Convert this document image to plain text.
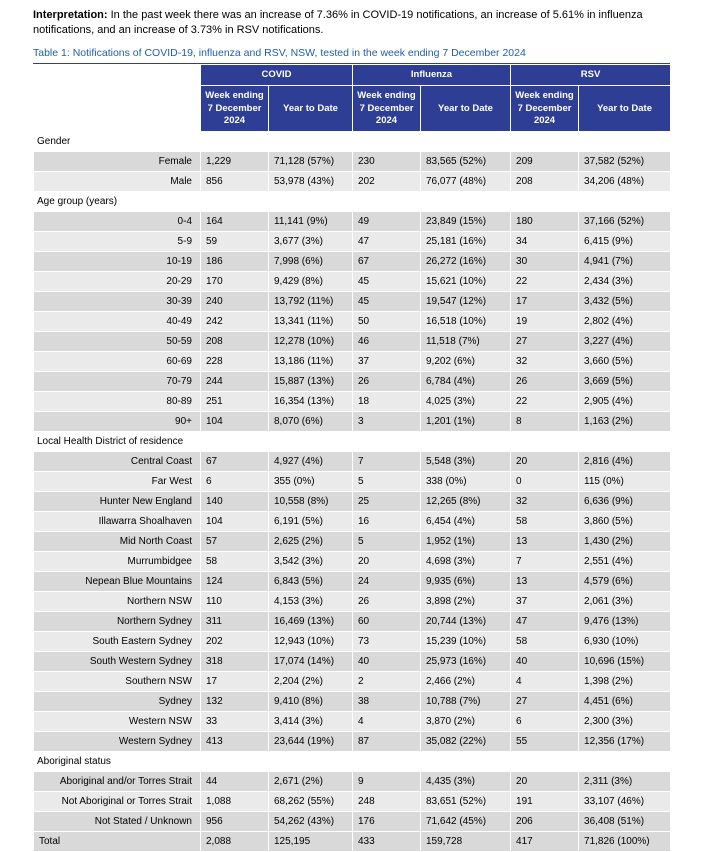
Interpretation: In the past week there was an increase of 7.36% in COVID-19 notifications, an increase of 5.61% in influenza notifications, and an increase of 3.73% in RSV notifications.

Table 1: Notifications of COVID-19, influenza and RSV, NSW, tested in the week ending 7 December 2024

	COVID		Influenza		RSV	
	Week ending 7 December 2024	Year to Date	Week ending 7 December 2024	Year to Date	Week ending 7 December 2024	Year to Date
Gender						
Female	1,229	71,128 (57%)	230	83,565 (52%)	209	37,582 (52%)
Male	856	53,978 (43%)	202	76,077 (48%)	208	34,206 (48%)
Age group (years)						
0-4	164	11,141 (9%)	49	23,849 (15%)	180	37,166 (52%)
5-9	59	3,677 (3%)	47	25,181 (16%)	34	6,415 (9%)
10-19	186	7,998 (6%)	67	26,272 (16%)	30	4,941 (7%)
20-29	170	9,429 (8%)	45	15,621 (10%)	22	2,434 (3%)
30-39	240	13,792 (11%)	45	19,547 (12%)	17	3,432 (5%)
40-49	242	13,341 (11%)	50	16,518 (10%)	19	2,802 (4%)
50-59	208	12,278 (10%)	46	11,518 (7%)	27	3,227 (4%)
60-69	228	13,186 (11%)	37	9,202 (6%)	32	3,660 (5%)
70-79	244	15,887 (13%)	26	6,784 (4%)	26	3,669 (5%)
80-89	251	16,354 (13%)	18	4,025 (3%)	22	2,905 (4%)
90+	104	8,070 (6%)	3	1,201 (1%)	8	1,163 (2%)
Local Health District of residence						
Central Coast	67	4,927 (4%)	7	5,548 (3%)	20	2,816 (4%)
Far West	6	355 (0%)	5	338 (0%)	0	115 (0%)
Hunter New England	140	10,558 (8%)	25	12,265 (8%)	32	6,636 (9%)
Illawarra Shoalhaven	104	6,191 (5%)	16	6,454 (4%)	58	3,860 (5%)
Mid North Coast	57	2,625 (2%)	5	1,952 (1%)	13	1,430 (2%)
Murrumbidgee	58	3,542 (3%)	20	4,698 (3%)	7	2,551 (4%)
Nepean Blue Mountains	124	6,843 (5%)	24	9,935 (6%)	13	4,579 (6%)
Northern NSW	110	4,153 (3%)	26	3,898 (2%)	37	2,061 (3%)
Northern Sydney	311	16,469 (13%)	60	20,744 (13%)	47	9,476 (13%)
South Eastern Sydney	202	12,943 (10%)	73	15,239 (10%)	58	6,930 (10%)
South Western Sydney	318	17,074 (14%)	40	25,973 (16%)	40	10,696 (15%)
Southern NSW	17	2,204 (2%)	2	2,466 (2%)	4	1,398 (2%)
Sydney	132	9,410 (8%)	38	10,788 (7%)	27	4,451 (6%)
Western NSW	33	3,414 (3%)	4	3,870 (2%)	6	2,300 (3%)
Western Sydney	413	23,644 (19%)	87	35,082 (22%)	55	12,356 (17%)
Aboriginal status						
Aboriginal and/or Torres Strait	44	2,671 (2%)	9	4,435 (3%)	20	2,311 (3%)
Not Aboriginal or Torres Strait	1,088	68,262 (55%)	248	83,651 (52%)	191	33,107 (46%)
Not Stated / Unknown	956	54,262 (43%)	176	71,642 (45%)	206	36,408 (51%)
Total	2,088	125,195	433	159,728	417	71,826 (100%)
